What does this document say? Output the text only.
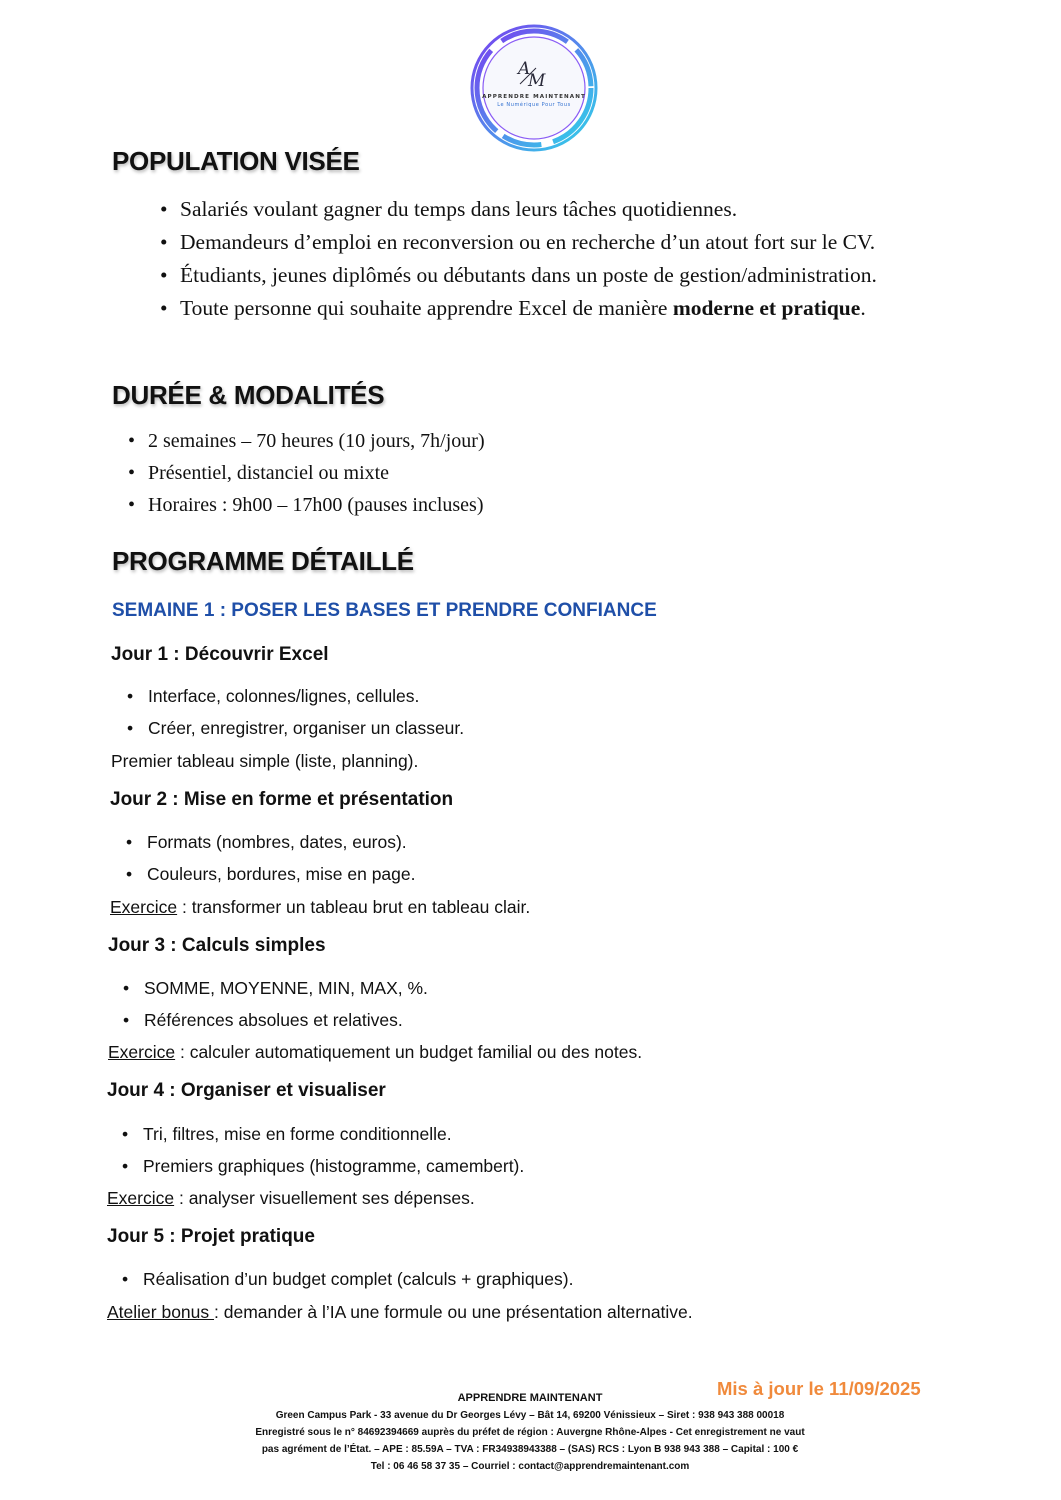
A
M
APPRENDRE MAINTENANT
Le Numérique Pour Tous
POPULATION VISÉE
• Salariés voulant gagner du temps dans leurs tâches quotidiennes.
• Demandeurs d’emploi en reconversion ou en recherche d’un atout fort sur le CV.
• Étudiants, jeunes diplômés ou débutants dans un poste de gestion/administration.
• Toute personne qui souhaite apprendre Excel de manière moderne et pratique.
DURÉE & MODALITÉS
• 2 semaines – 70 heures (10 jours, 7h/jour)
• Présentiel, distanciel ou mixte
• Horaires : 9h00 – 17h00 (pauses incluses)
PROGRAMME DÉTAILLÉ
SEMAINE 1 : POSER LES BASES ET PRENDRE CONFIANCE
Jour 1 : Découvrir Excel
• Interface, colonnes/lignes, cellules.
• Créer, enregistrer, organiser un classeur.
Premier tableau simple (liste, planning).
Jour 2 : Mise en forme et présentation
• Formats (nombres, dates, euros).
• Couleurs, bordures, mise en page.
Exercice : transformer un tableau brut en tableau clair.
Jour 3 : Calculs simples
• SOMME, MOYENNE, MIN, MAX, %.
• Références absolues et relatives.
Exercice : calculer automatiquement un budget familial ou des notes.
Jour 4 : Organiser et visualiser
• Tri, filtres, mise en forme conditionnelle.
• Premiers graphiques (histogramme, camembert).
Exercice : analyser visuellement ses dépenses.
Jour 5 : Projet pratique
• Réalisation d’un budget complet (calculs + graphiques).
Atelier bonus : demander à l’IA une formule ou une présentation alternative.
Mis à jour le 11/09/2025
APPRENDRE MAINTENANT
Green Campus Park - 33 avenue du Dr Georges Lévy – Bât 14, 69200 Vénissieux – Siret : 938 943 388 00018
Enregistré sous le n° 84692394669 auprès du préfet de région : Auvergne Rhône-Alpes - Cet enregistrement ne vaut
pas agrément de l’État. – APE : 85.59A – TVA : FR34938943388 – (SAS) RCS : Lyon B 938 943 388 – Capital : 100 €
Tel : 06 46 58 37 35 – Courriel : contact@apprendremaintenant.com
